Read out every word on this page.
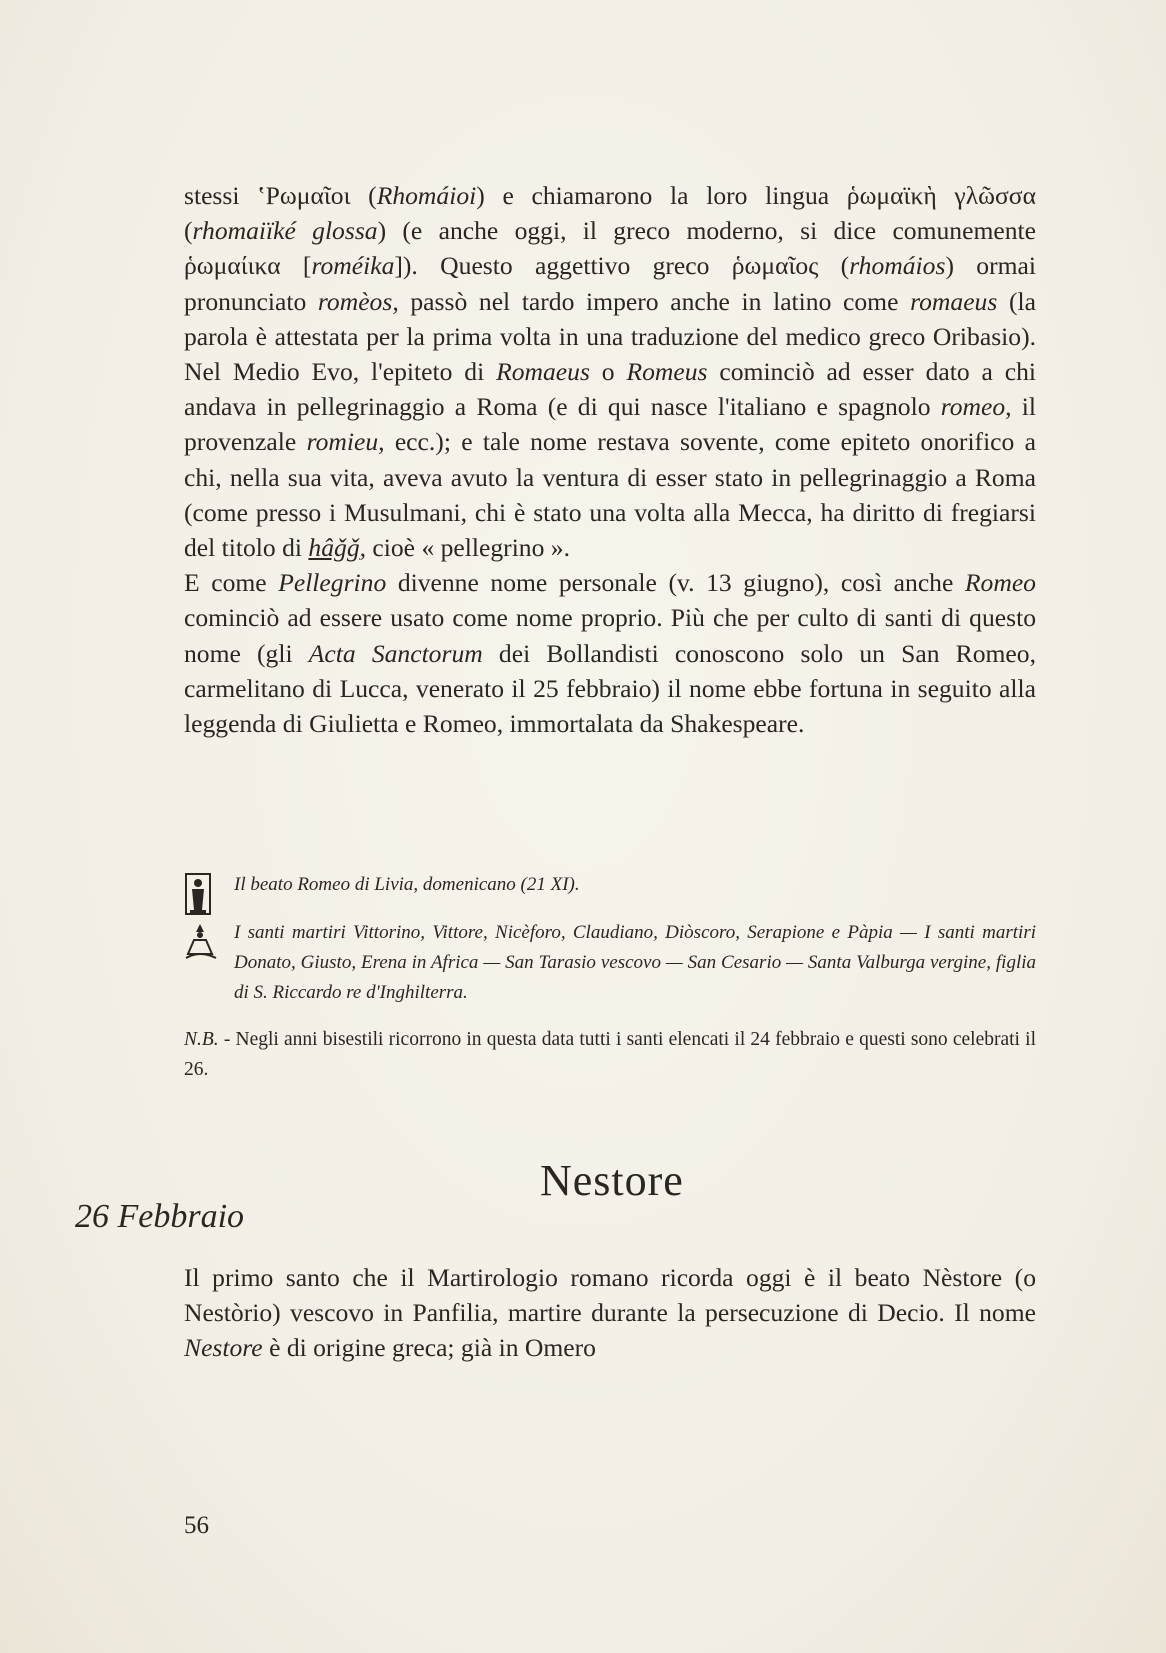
stessi ʽΡωμαῖοι (Rhomáioi) e chiamarono la loro lingua ῥωμαϊκὴ γλῶσσα (rhomaiïké glossa) (e anche oggi, il greco moderno, si dice comunemente ῥωμαίικα [roméika]). Questo aggettivo greco ῥωμαῖος (rhomáios) ormai pronunciato romèos, passò nel tardo impero anche in latino come romaeus (la parola è attestata per la prima volta in una traduzione del medico greco Oribasio). Nel Medio Evo, l'epiteto di Romaeus o Romeus cominciò ad esser dato a chi andava in pellegrinaggio a Roma (e di qui nasce l'italiano e spagnolo romeo, il provenzale romieu, ecc.); e tale nome restava sovente, come epiteto onorifico a chi, nella sua vita, aveva avuto la ventura di esser stato in pellegrinaggio a Roma (come presso i Musulmani, chi è stato una volta alla Mecca, ha diritto di fregiarsi del titolo di hâǧǧ, cioè « pellegrino ».

E come Pellegrino divenne nome personale (v. 13 giugno), così anche Romeo cominciò ad essere usato come nome proprio. Più che per culto di santi di questo nome (gli Acta Sanctorum dei Bollandisti conoscono solo un San Romeo, carmelitano di Lucca, venerato il 25 febbraio) il nome ebbe fortuna in seguito alla leggenda di Giulietta e Romeo, immortalata da Shakespeare.

Il beato Romeo di Livia, domenicano (21 XI).
I santi martiri Vittorino, Vittore, Nicèforo, Claudiano, Diòscoro, Serapione e Pàpia — I santi martiri Donato, Giusto, Erena in Africa — San Tarasio vescovo — San Cesario — Santa Valburga vergine, figlia di S. Riccardo re d'Inghilterra.
N.B. - Negli anni bisestili ricorrono in questa data tutti i santi elencati il 24 febbraio e questi sono celebrati il 26.
Nestore
26 Febbraio
Il primo santo che il Martirologio romano ricorda oggi è il beato Nèstore (o Nestòrio) vescovo in Panfilia, martire durante la persecuzione di Decio. Il nome Nestore è di origine greca; già in Omero
56
